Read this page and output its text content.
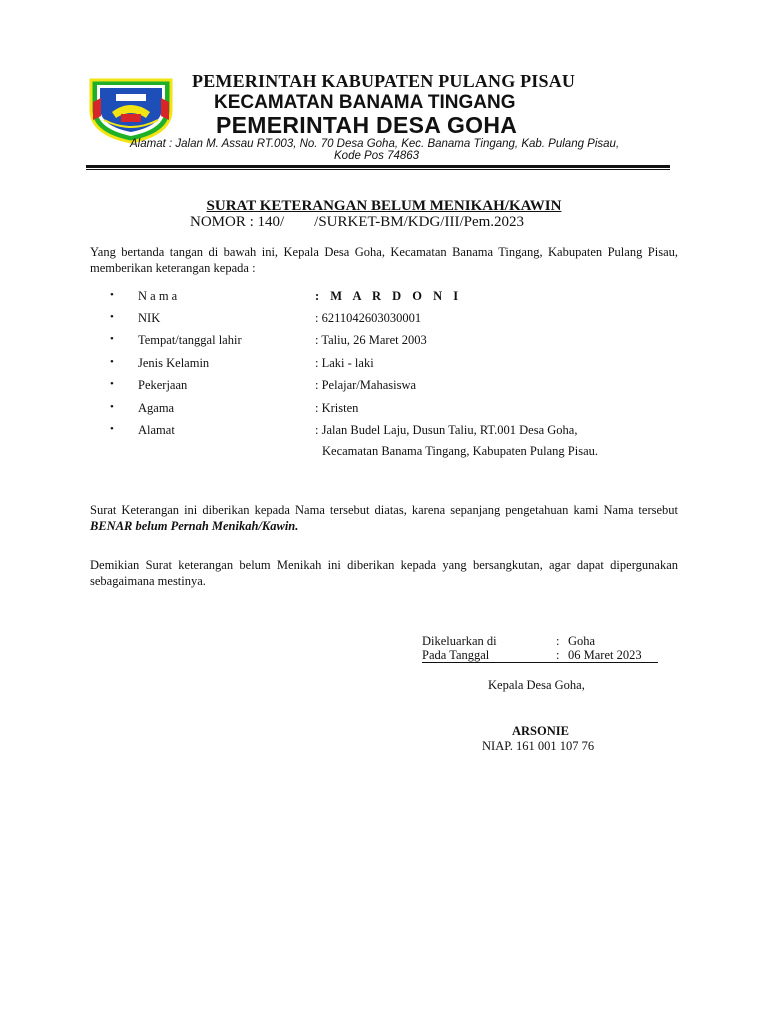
PEMERINTAH KABUPATEN PULANG PISAU
KECAMATAN BANAMA TINGANG
PEMERINTAH DESA GOHA
Alamat : Jalan M. Assau RT.003, No. 70 Desa Goha, Kec. Banama Tingang, Kab. Pulang Pisau,
Kode Pos 74863
SURAT KETERANGAN BELUM MENIKAH/KAWIN
NOMOR : 140/        /SURKET-BM/KDG/III/Pem.2023
Yang bertanda tangan di bawah ini, Kepala Desa Goha, Kecamatan Banama Tingang, Kabupaten Pulang Pisau, memberikan keterangan kepada :
• N a m a	: M A R D O N I
• NIK	: 6211042603030001
• Tempat/tanggal lahir	: Taliu, 26 Maret 2003
• Jenis Kelamin	: Laki - laki
• Pekerjaan	: Pelajar/Mahasiswa
• Agama	: Kristen
• Alamat	: Jalan Budel Laju, Dusun Taliu, RT.001 Desa Goha,
Kecamatan Banama Tingang, Kabupaten Pulang Pisau.
Surat Keterangan ini diberikan kepada Nama tersebut diatas, karena sepanjang pengetahuan kami Nama tersebut BENAR belum Pernah Menikah/Kawin.
Demikian Surat keterangan belum Menikah ini diberikan kepada yang bersangkutan, agar dapat dipergunakan sebagaimana mestinya.
Dikeluarkan di	: Goha
Pada Tanggal	: 06 Maret 2023
Kepala Desa Goha,
ARSONIE
NIAP. 161 001 107 76
